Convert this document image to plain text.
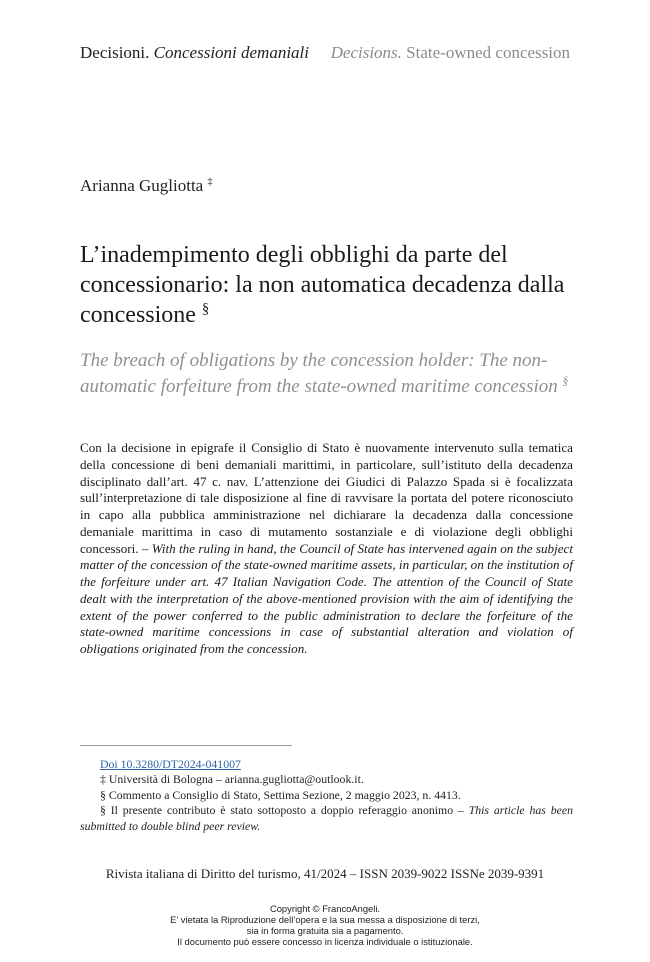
Decisioni. Concessioni demaniali Decisions. State-owned concession
Arianna Gugliotta ‡
L’inadempimento degli obblighi da parte del concessionario: la non automatica decadenza dalla concessione §
The breach of obligations by the concession holder: The non-automatic forfeiture from the state-owned maritime concession §
Con la decisione in epigrafe il Consiglio di Stato è nuovamente intervenuto sulla tematica della concessione di beni demaniali marittimi, in particolare, sull’istituto della decadenza disciplinato dall’art. 47 c. nav. L’attenzione dei Giudici di Palazzo Spada si è focalizzata sull’interpretazione di tale disposizione al fine di ravvisare la portata del potere riconosciuto in capo alla pubblica amministrazione nel dichiarare la decadenza dalla concessione demaniale marittima in caso di mutamento sostanziale e di violazione degli obblighi concessori. – With the ruling in hand, the Council of State has intervened again on the subject matter of the concession of the state-owned maritime assets, in particular, on the institution of the forfeiture under art. 47 Italian Navigation Code. The attention of the Council of State dealt with the interpretation of the above-mentioned provision with the aim of identifying the extent of the power conferred to the public administration to declare the forfeiture of the state-owned maritime concessions in case of substantial alteration and violation of obligations originated from the concession.
Doi 10.3280/DT2024-041007
‡ Università di Bologna – arianna.gugliotta@outlook.it.
§ Commento a Consiglio di Stato, Settima Sezione, 2 maggio 2023, n. 4413.
§ Il presente contributo è stato sottoposto a doppio referaggio anonimo – This article has been submitted to double blind peer review.
Rivista italiana di Diritto del turismo, 41/2024 – ISSN 2039-9022 ISSNe 2039-9391
Copyright © FrancoAngeli.
E’ vietata la Riproduzione dell’opera e la sua messa a disposizione di terzi,
sia in forma gratuita sia a pagamento.
Il documento può essere concesso in licenza individuale o istituzionale.
